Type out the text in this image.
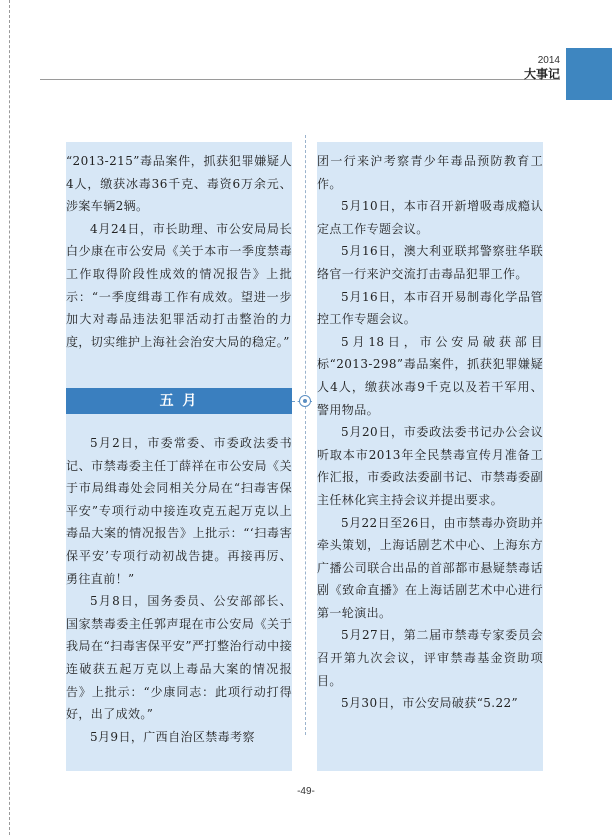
2014
大事记

“2013-215”毒品案件，抓获犯罪嫌疑人4人，缴获冰毒36千克、毒资6万余元、涉案车辆2辆。

4月24日，市长助理、市公安局局长白少康在市公安局《关于本市一季度禁毒工作取得阶段性成效的情况报告》上批示：“一季度缉毒工作有成效。望进一步加大对毒品违法犯罪活动打击整治的力度，切实维护上海社会治安大局的稳定。”

五 月

5月2日，市委常委、市委政法委书记、市禁毒委主任丁薛祥在市公安局《关于市局缉毒处会同相关分局在“扫毒害保平安”专项行动中接连攻克五起万克以上毒品大案的情况报告》上批示：“‘扫毒害保平安’专项行动初战告捷。再接再厉、勇往直前！”

5月8日，国务委员、公安部部长、国家禁毒委主任郭声琨在市公安局《关于我局在“扫毒害保平安”严打整治行动中接连破获五起万克以上毒品大案的情况报告》上批示：“少康同志：此项行动打得好，出了成效。”

5月9日，广西自治区禁毒考察

团一行来沪考察青少年毒品预防教育工作。

5月10日，本市召开新增吸毒成瘾认定点工作专题会议。

5月16日，澳大利亚联邦警察驻华联络官一行来沪交流打击毒品犯罪工作。

5月16日，本市召开易制毒化学品管控工作专题会议。

5月18日，市公安局破获部目标“2013-298”毒品案件，抓获犯罪嫌疑人4人，缴获冰毒9千克以及若干军用、警用物品。

5月20日，市委政法委书记办公会议听取本市2013年全民禁毒宣传月准备工作汇报，市委政法委副书记、市禁毒委副主任林化宾主持会议并提出要求。

5月22日至26日，由市禁毒办资助并牵头策划，上海话剧艺术中心、上海东方广播公司联合出品的首部都市悬疑禁毒话剧《致命直播》在上海话剧艺术中心进行第一轮演出。

5月27日，第二届市禁毒专家委员会召开第九次会议，评审禁毒基金资助项目。

5月30日，市公安局破获“5.22”

-49-
